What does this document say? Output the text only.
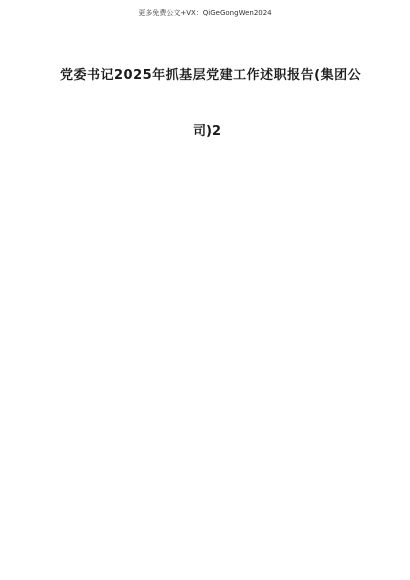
更多免费公文+VX：QiGeGongWen2024
党委书记2025年抓基层党建工作述职报告(集团公
司)2
